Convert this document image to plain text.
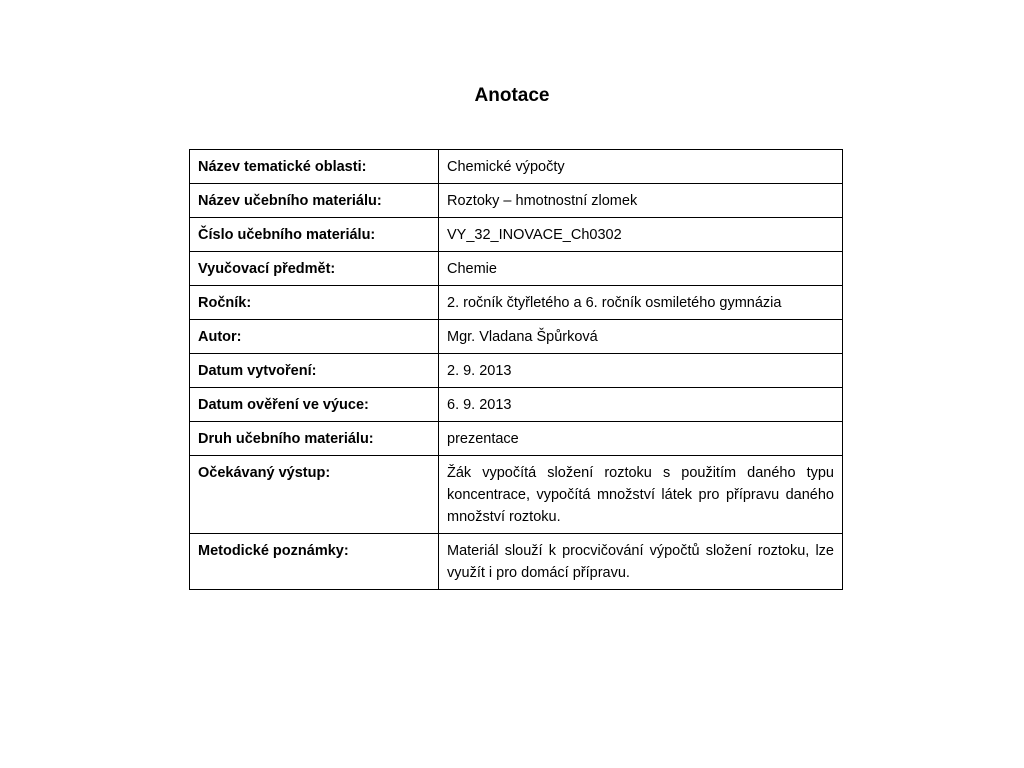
Anotace
Název tematické oblasti:	Chemické výpočty
Název učebního materiálu:	Roztoky – hmotnostní zlomek
Číslo učebního materiálu:	VY_32_INOVACE_Ch0302
Vyučovací předmět:	Chemie
Ročník:	2. ročník čtyřletého a 6. ročník osmiletého gymnázia
Autor:	Mgr. Vladana Špůrková
Datum vytvoření:	2. 9. 2013
Datum ověření ve výuce:	6. 9. 2013
Druh učebního materiálu:	prezentace
Očekávaný výstup:	Žák vypočítá složení roztoku s použitím daného typu koncentrace, vypočítá množství látek pro přípravu daného množství roztoku.
Metodické poznámky:	Materiál slouží k procvičování výpočtů složení roztoku, lze využít i pro domácí přípravu.
